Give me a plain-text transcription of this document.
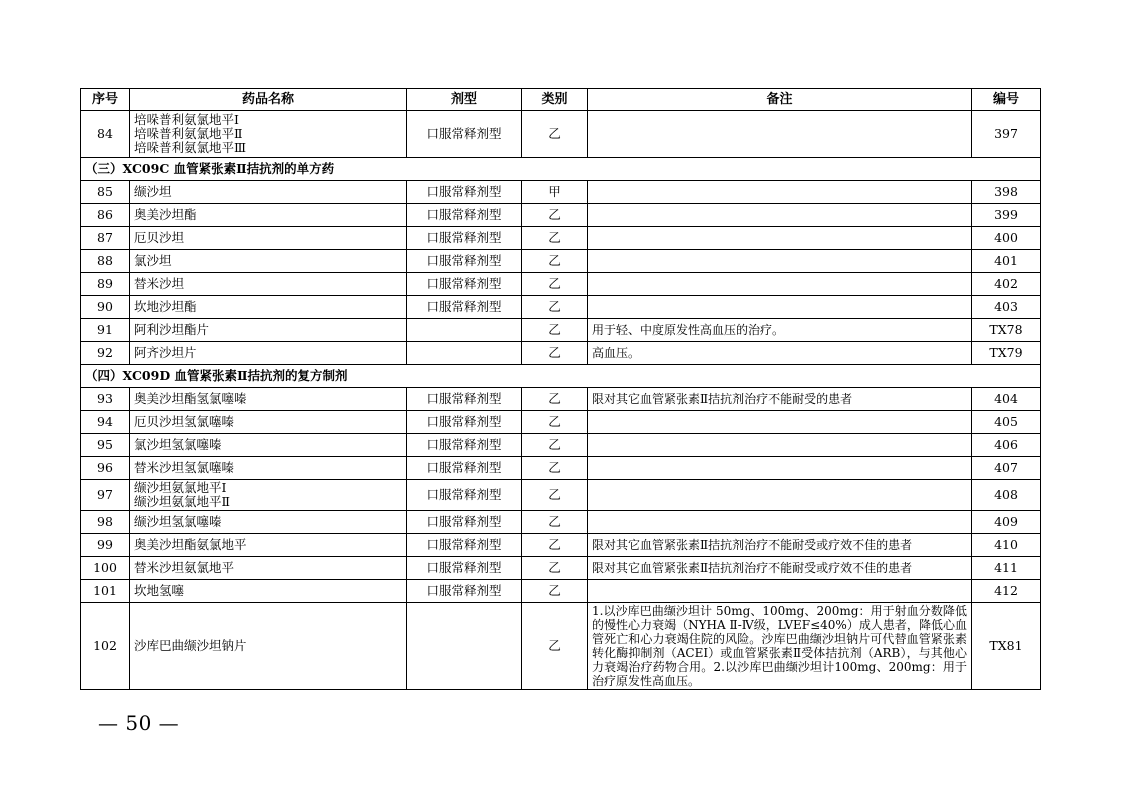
序号	药品名称	剂型	类别	备注	编号
84	培哚普利氨氯地平Ⅰ
培哚普利氨氯地平Ⅱ
培哚普利氨氯地平Ⅲ	口服常释剂型	乙		397
（三）XC09C 血管紧张素Ⅱ拮抗剂的单方药					
85	缬沙坦	口服常释剂型	甲		398
86	奥美沙坦酯	口服常释剂型	乙		399
87	厄贝沙坦	口服常释剂型	乙		400
88	氯沙坦	口服常释剂型	乙		401
89	替米沙坦	口服常释剂型	乙		402
90	坎地沙坦酯	口服常释剂型	乙		403
91	阿利沙坦酯片		乙	用于轻、中度原发性高血压的治疗。	TX78
92	阿齐沙坦片		乙	高血压。	TX79
（四）XC09D 血管紧张素Ⅱ拮抗剂的复方制剂					
93	奥美沙坦酯氢氯噻嗪	口服常释剂型	乙	限对其它血管紧张素Ⅱ拮抗剂治疗不能耐受的患者	404
94	厄贝沙坦氢氯噻嗪	口服常释剂型	乙		405
95	氯沙坦氢氯噻嗪	口服常释剂型	乙		406
96	替米沙坦氢氯噻嗪	口服常释剂型	乙		407
97	缬沙坦氨氯地平Ⅰ
缬沙坦氨氯地平Ⅱ	口服常释剂型	乙		408
98	缬沙坦氢氯噻嗪	口服常释剂型	乙		409
99	奥美沙坦酯氨氯地平	口服常释剂型	乙	限对其它血管紧张素Ⅱ拮抗剂治疗不能耐受或疗效不佳的患者	410
100	替米沙坦氨氯地平	口服常释剂型	乙	限对其它血管紧张素Ⅱ拮抗剂治疗不能耐受或疗效不佳的患者	411
101	坎地氢噻	口服常释剂型	乙		412
102	沙库巴曲缬沙坦钠片		乙	1.以沙库巴曲缬沙坦计 50mg、100mg、200mg：用于射血分数降低的慢性心力衰竭（NYHA Ⅱ-Ⅳ级，LVEF≤40%）成人患者，降低心血管死亡和心力衰竭住院的风险。沙库巴曲缬沙坦钠片可代替血管紧张素转化酶抑制剂（ACEI）或血管紧张素Ⅱ受体拮抗剂（ARB），与其他心力衰竭治疗药物合用。2.以沙库巴曲缬沙坦计100mg、200mg：用于治疗原发性高血压。	TX81
— 50 —
